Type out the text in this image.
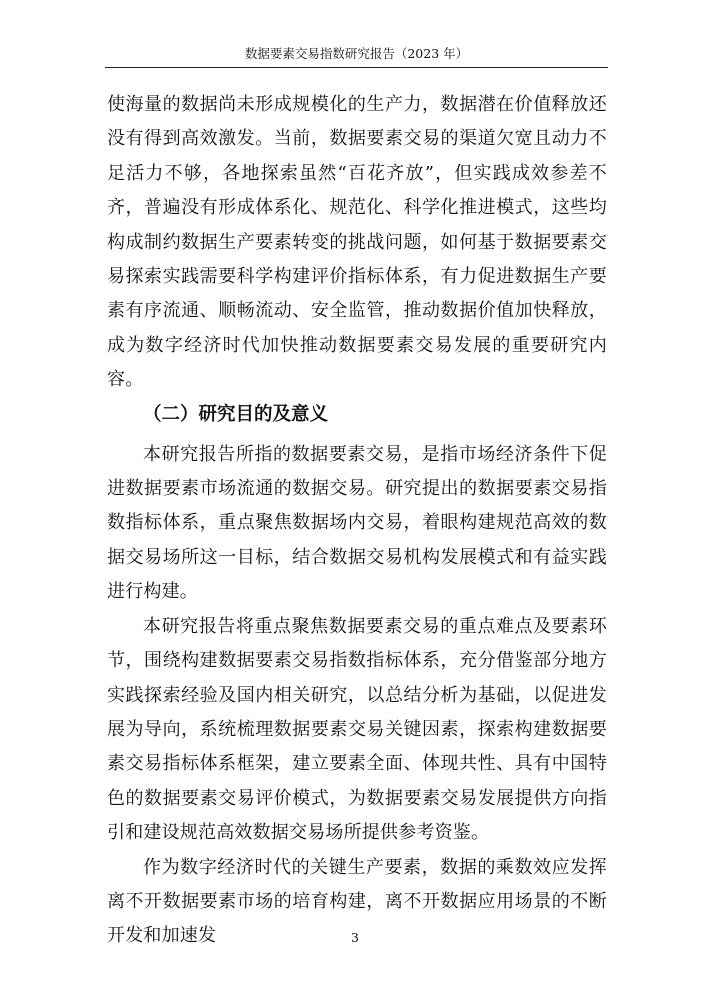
数据要素交易指数研究报告（2023 年）

使海量的数据尚未形成规模化的生产力，数据潜在价值释放还没有得到高效激发。当前，数据要素交易的渠道欠宽且动力不足活力不够，各地探索虽然“百花齐放”，但实践成效参差不齐，普遍没有形成体系化、规范化、科学化推进模式，这些均构成制约数据生产要素转变的挑战问题，如何基于数据要素交易探索实践需要科学构建评价指标体系，有力促进数据生产要素有序流通、顺畅流动、安全监管，推动数据价值加快释放，成为数字经济时代加快推动数据要素交易发展的重要研究内容。

（二）研究目的及意义

本研究报告所指的数据要素交易，是指市场经济条件下促进数据要素市场流通的数据交易。研究提出的数据要素交易指数指标体系，重点聚焦数据场内交易，着眼构建规范高效的数据交易场所这一目标，结合数据交易机构发展模式和有益实践进行构建。

本研究报告将重点聚焦数据要素交易的重点难点及要素环节，围绕构建数据要素交易指数指标体系，充分借鉴部分地方实践探索经验及国内相关研究，以总结分析为基础，以促进发展为导向，系统梳理数据要素交易关键因素，探索构建数据要素交易指标体系框架，建立要素全面、体现共性、具有中国特色的数据要素交易评价模式，为数据要素交易发展提供方向指引和建设规范高效数据交易场所提供参考资鉴。

作为数字经济时代的关键生产要素，数据的乘数效应发挥离不开数据要素市场的培育构建，离不开数据应用场景的不断开发和加速发	3
